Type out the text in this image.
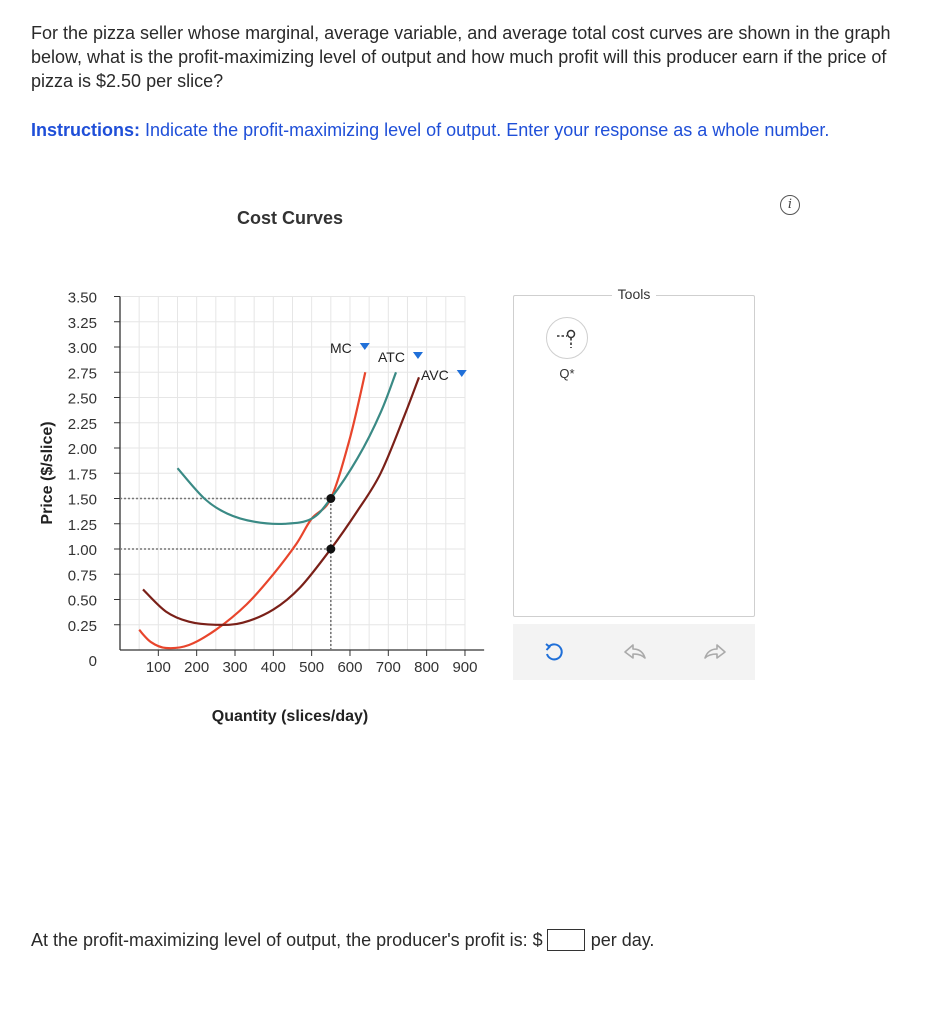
For the pizza seller whose marginal, average variable, and average total cost curves are shown in the graph below, what is the profit-maximizing level of output and how much profit will this producer earn if the price of pizza is $2.50 per slice?
Instructions: Indicate the profit-maximizing level of output. Enter your response as a whole number.
i
Cost Curves
0.25
0.50
0.75
1.00
1.25
1.50
1.75
2.00
2.25
2.50
2.75
3.00
3.25
3.50
0	100 200 300 400 500 600 700 800 900
Quantity (slices/day)
Price ($/slice)
MC
ATC
AVC
Tools
Q*
At the profit-maximizing level of output, the producer's profit is: $	per day.
